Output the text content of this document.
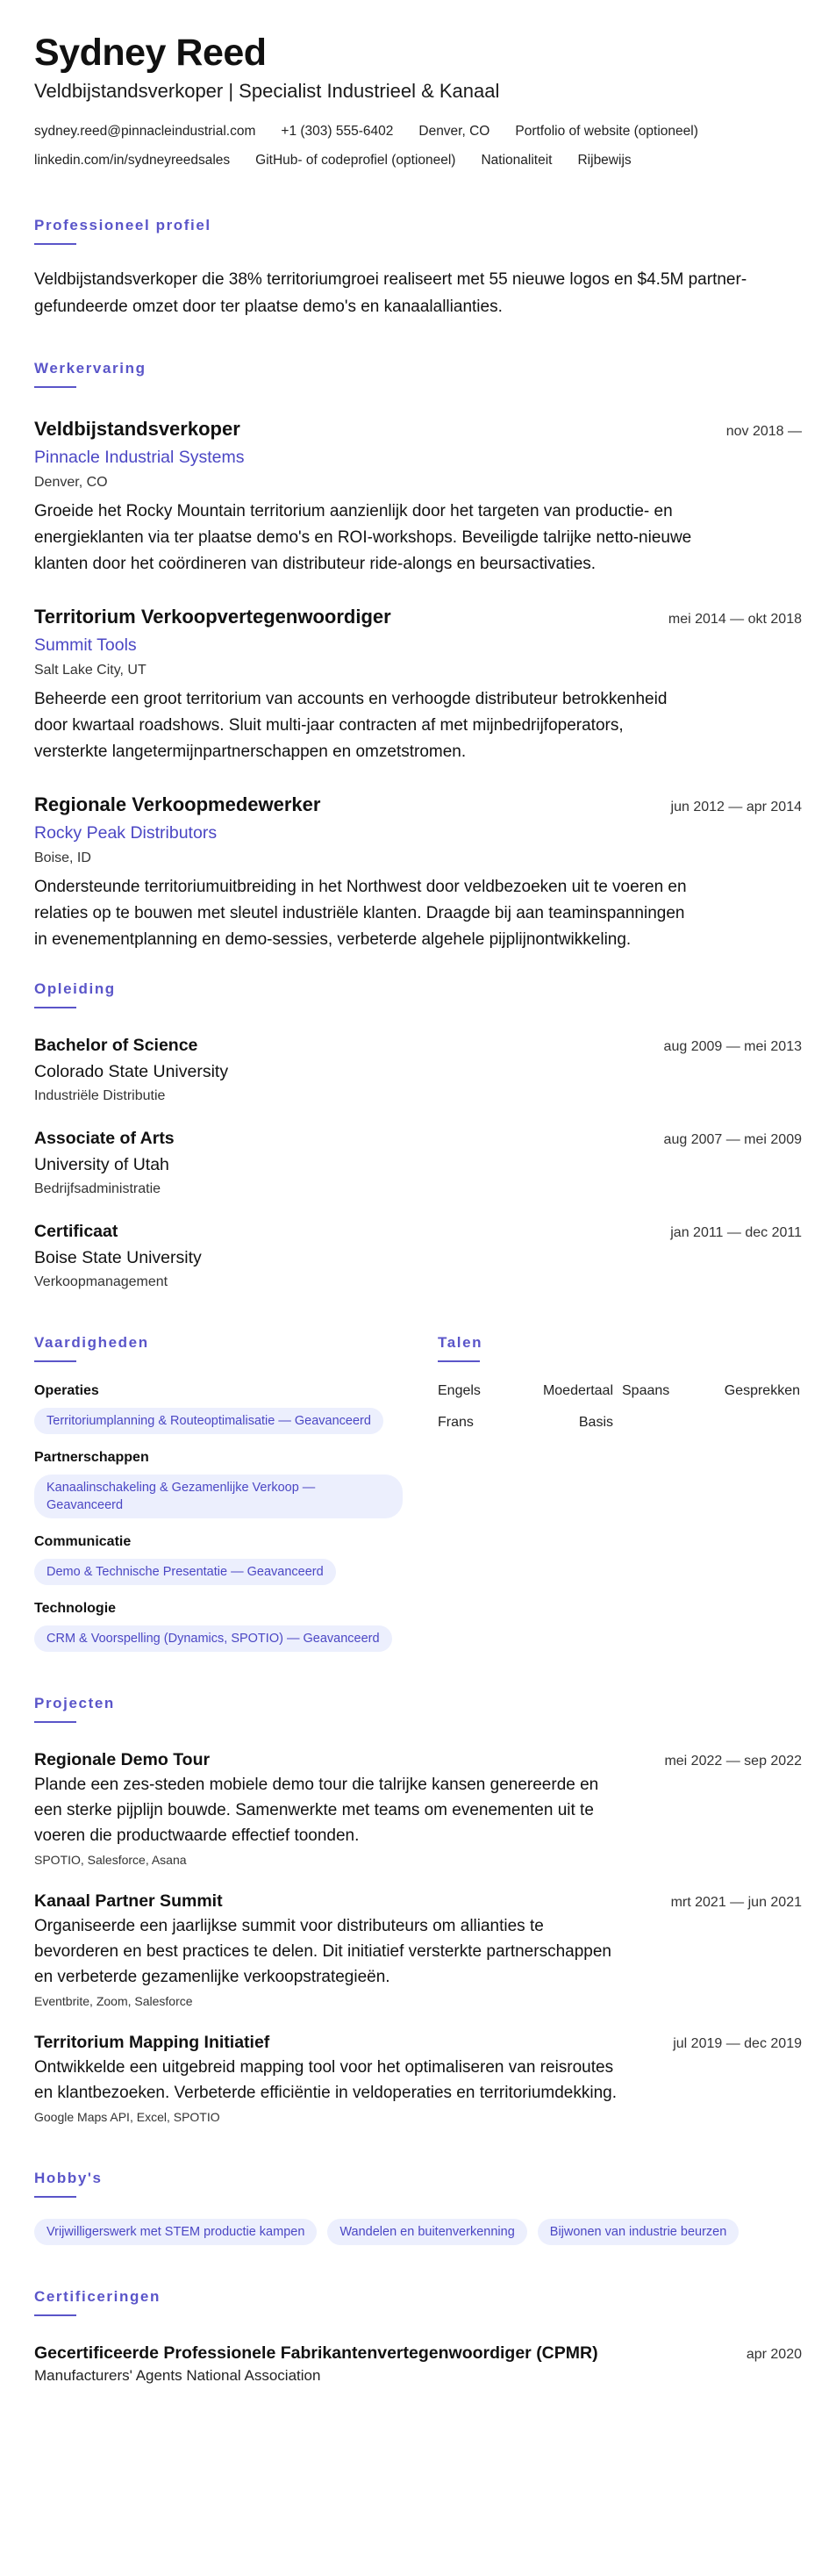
Sydney Reed
Veldbijstandsverkoper | Specialist Industrieel & Kanaal
sydney.reed@pinnacleindustrial.com +1 (303) 555-6402 Denver, CO Portfolio of website (optioneel)
linkedin.com/in/sydneyreedsales GitHub- of codeprofiel (optioneel) Nationaliteit Rijbewijs
Professioneel profiel

Veldbijstandsverkoper die 38% territoriumgroei realiseert met 55 nieuwe logos en $4.5M partner-gefundeerde omzet door ter plaatse demo's en kanaalallianties.

Werkervaring
Veldbijstandsverkoper	nov 2018 —
Pinnacle Industrial Systems
Denver, CO

Groeide het Rocky Mountain territorium aanzienlijk door het targeten van productie- en energieklanten via ter plaatse demo's en ROI-workshops. Beveiligde talrijke netto-nieuwe klanten door het coördineren van distributeur ride-alongs en beursactivaties.

Territorium Verkoopvertegenwoordiger	mei 2014 — okt 2018
Summit Tools
Salt Lake City, UT

Beheerde een groot territorium van accounts en verhoogde distributeur betrokkenheid door kwartaal roadshows. Sluit multi-jaar contracten af met mijnbedrijfoperators, versterkte langetermijnpartnerschappen en omzetstromen.

Regionale Verkoopmedewerker	jun 2012 — apr 2014
Rocky Peak Distributors
Boise, ID

Ondersteunde territoriumuitbreiding in het Northwest door veldbezoeken uit te voeren en relaties op te bouwen met sleutel industriële klanten. Draagde bij aan teaminspanningen in evenementplanning en demo-sessies, verbeterde algehele pijplijnontwikkeling.

Opleiding
Bachelor of Science	aug 2009 — mei 2013
Colorado State University
Industriële Distributie
Associate of Arts	aug 2007 — mei 2009
University of Utah
Bedrijfsadministratie
Certificaat	jan 2011 — dec 2011
Boise State University
Verkoopmanagement
Vaardigheden
Operaties
Territoriumplanning & Routeoptimalisatie — Geavanceerd
Partnerschappen
Kanaalinschakeling & Gezamenlijke Verkoop — Geavanceerd
Communicatie
Demo & Technische Presentatie — Geavanceerd
Technologie
CRM & Voorspelling (Dynamics, SPOTIO) — Geavanceerd
Talen
Engels	Moedertaal Spaans	Gesprekken
Frans	Basis
Projecten
Regionale Demo Tour	mei 2022 — sep 2022

Plande een zes-steden mobiele demo tour die talrijke kansen genereerde en een sterke pijplijn bouwde. Samenwerkte met teams om evenementen uit te voeren die productwaarde effectief toonden.

SPOTIO, Salesforce, Asana
Kanaal Partner Summit	mrt 2021 — jun 2021

Organiseerde een jaarlijkse summit voor distributeurs om allianties te bevorderen en best practices te delen. Dit initiatief versterkte partnerschappen en verbeterde gezamenlijke verkoopstrategieën.

Eventbrite, Zoom, Salesforce
Territorium Mapping Initiatief	jul 2019 — dec 2019

Ontwikkelde een uitgebreid mapping tool voor het optimaliseren van reisroutes en klantbezoeken. Verbeterde efficiëntie in veldoperaties en territoriumdekking.

Google Maps API, Excel, SPOTIO
Hobby's
Vrijwilligerswerk met STEM productie kampen	Wandelen en buitenverkenning	Bijwonen van industrie beurzen
Certificeringen
Gecertificeerde Professionele Fabrikantenvertegenwoordiger (CPMR)	apr 2020
Manufacturers' Agents National Association
